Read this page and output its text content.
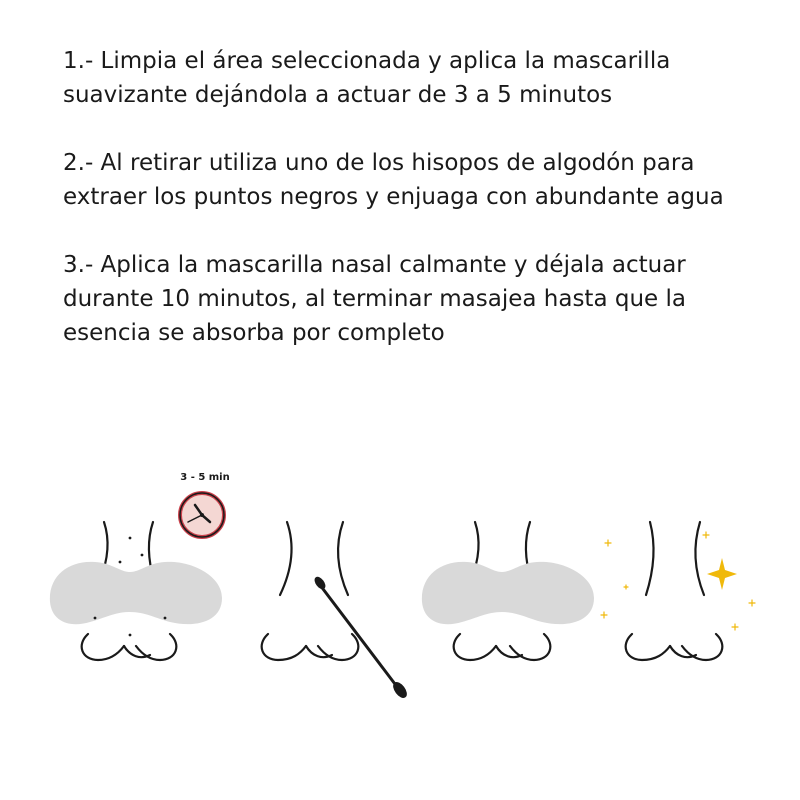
1.- Limpia el área seleccionada y aplica la mascarilla suavizante dejándola a actuar de 3 a 5 minutos

2.- Al retirar utiliza uno de los hisopos de algodón para extraer los puntos negros y enjuaga con abundante agua

3.- Aplica la mascarilla nasal calmante y déjala actuar durante 10 minutos, al terminar masajea hasta que la esencia se absorba por completo

3 - 5 min
